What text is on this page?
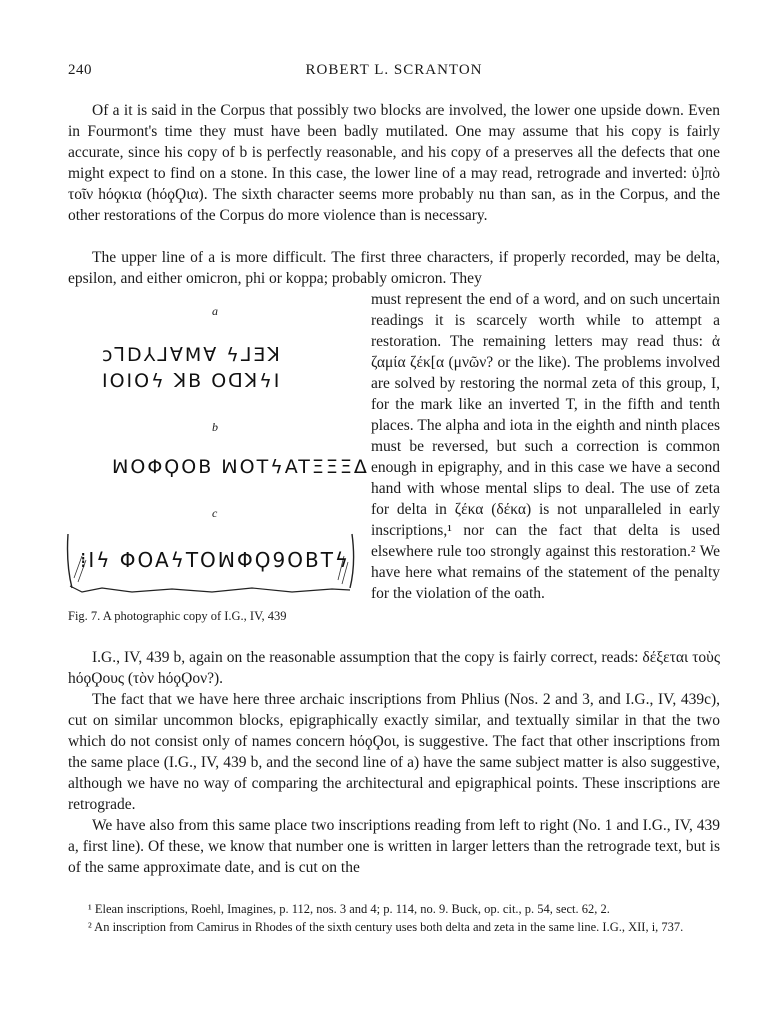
240	ROBERT L. SCRANTON

Of a it is said in the Corpus that possibly two blocks are involved, the lower one upside down. Even in Fourmont's time they must have been badly mutilated. One may assume that his copy is fairly accurate, since his copy of b is perfectly reasonable, and his copy of a preserves all the defects that one might expect to find on a stone. In this case, the lower line of a may read, retrograde and inverted: ὐ]πὸ τοῖν hόϙκια (hόϙϘια). The sixth character seems more probably nu than san, as in the Corpus, and the other restorations of the Corpus do more violence than is necessary.

The upper line of a is more difficult. The first three characters, if properly recorded, may be delta, epsilon, and either omicron, phi or koppa; probably omicron. They

must represent the end of a word, and on such uncertain readings it is scarcely worth while to attempt a restoration. The remaining letters may read thus: ἀ ζαμία ζέκ[α (μνῶν? or the like). The problems involved are solved by restoring the normal zeta of this group, I, for the mark like an inverted T, in the fifth and tenth places. The alpha and iota in the eighth and ninth places must be reversed, but such a correction is common enough in epigraphy, and in this case we have a second hand with whose mental slips to deal. The use of zeta for delta in ζέκα (δέκα) is not unparalleled in early inscriptions,¹ nor can the fact that delta is used elsewhere rule too strongly against this restoration.² We have here what remains of the statement of the penalty for the violation of the oath.

a
ↄꓶD⅄⅃ꓯMꓯ ϟ⅃Ǝꓘ
IOIOϟ ꓘB OꓷꓘϟI
b
ꟽOΦϘOB ꟽOTϟATΞΞΞΔ
c
⁞Iϟ ΦOAϟTOꟽΦϘ9OBTϟ
Fig. 7. A photographic copy of I.G., IV, 439

I.G., IV, 439 b, again on the reasonable assumption that the copy is fairly correct, reads: δέξεται τοὺς hόϙϘους (τὸν hόϙϘον?).

The fact that we have here three archaic inscriptions from Phlius (Nos. 2 and 3, and I.G., IV, 439c), cut on similar uncommon blocks, epigraphically exactly similar, and textually similar in that the two which do not consist only of names concern hόϙϘοι, is suggestive. The fact that other inscriptions from the same place (I.G., IV, 439 b, and the second line of a) have the same subject matter is also suggestive, although we have no way of comparing the architectural and epigraphical points. These inscriptions are retrograde.

We have also from this same place two inscriptions reading from left to right (No. 1 and I.G., IV, 439 a, first line). Of these, we know that number one is written in larger letters than the retrograde text, but is of the same approximate date, and is cut on the

¹ Elean inscriptions, Roehl, Imagines, p. 112, nos. 3 and 4; p. 114, no. 9. Buck, op. cit., p. 54, sect. 62, 2.

² An inscription from Camirus in Rhodes of the sixth century uses both delta and zeta in the same line. I.G., XII, i, 737.
